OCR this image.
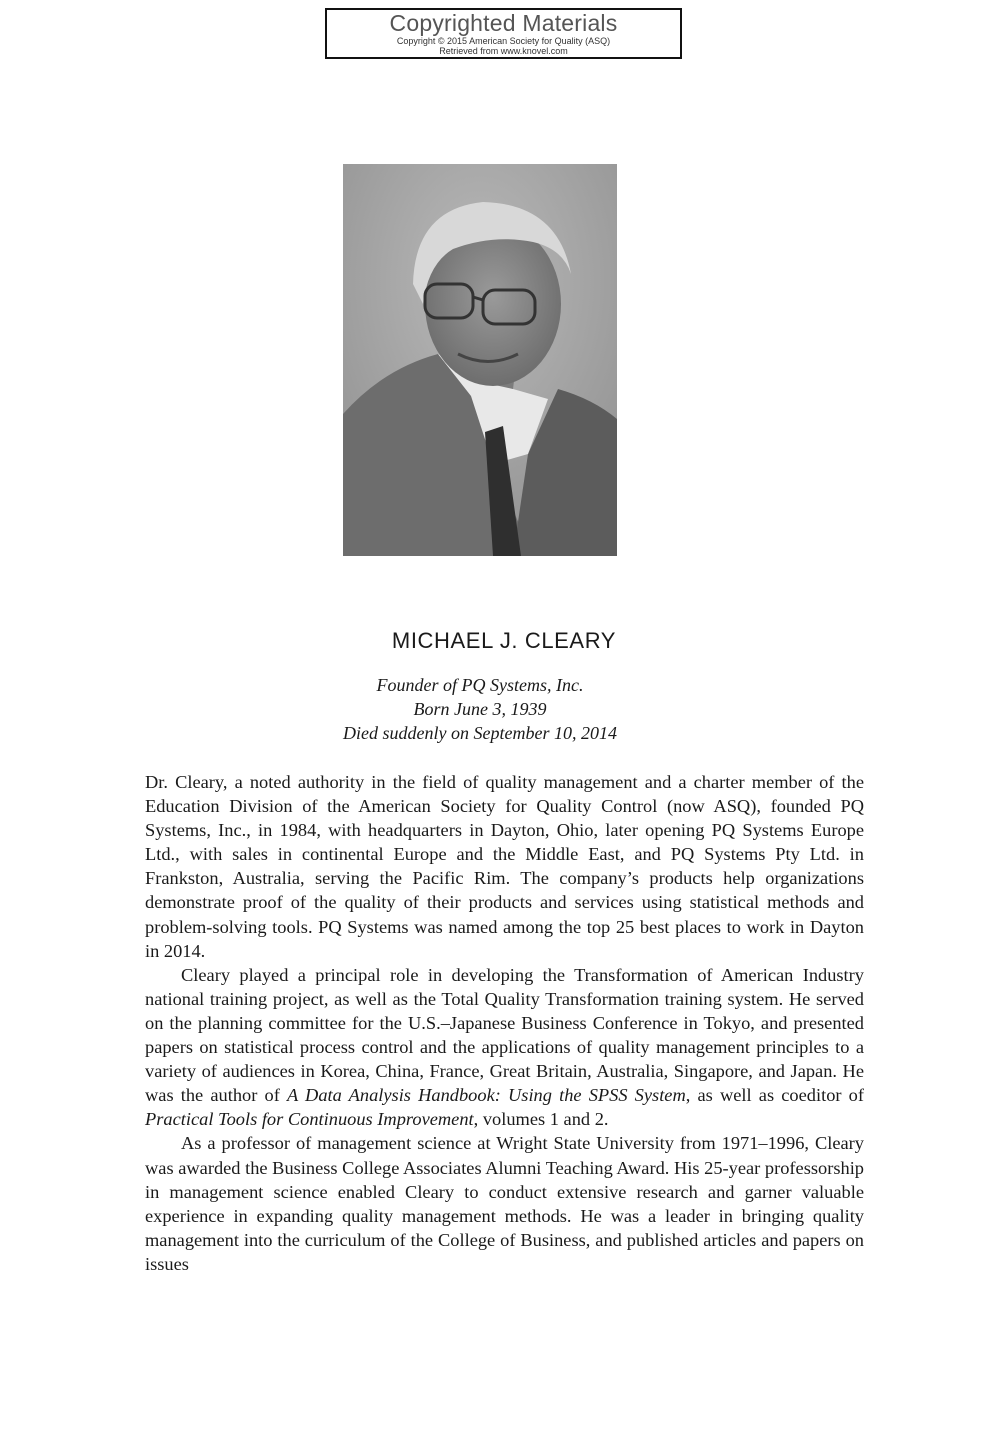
Copyrighted Materials
Copyright © 2015 American Society for Quality (ASQ)
Retrieved from www.knovel.com
MICHAEL J. CLEARY
Founder of PQ Systems, Inc.
Born June 3, 1939
Died suddenly on September 10, 2014

Dr. Cleary, a noted authority in the field of quality management and a charter member of the Education Division of the American Society for Quality Control (now ASQ), founded PQ Systems, Inc., in 1984, with headquarters in Dayton, Ohio, later opening PQ Systems Europe Ltd., with sales in continental Europe and the Middle East, and PQ Systems Pty Ltd. in Frankston, Australia, serving the Pacific Rim. The company’s products help organizations demonstrate proof of the quality of their products and services using statistical methods and problem-solving tools. PQ Systems was named among the top 25 best places to work in Dayton in 2014.

Cleary played a principal role in developing the Transformation of American Industry national training project, as well as the Total Quality Transformation training system. He served on the planning committee for the U.S.–Japanese Business Conference in Tokyo, and presented papers on statistical process control and the applications of quality management principles to a variety of audiences in Korea, China, France, Great Britain, Australia, Singapore, and Japan. He was the author of A Data Analysis Handbook: Using the SPSS System, as well as coeditor of Practical Tools for Continuous Improvement, volumes 1 and 2.

As a professor of management science at Wright State University from 1971–1996, Cleary was awarded the Business College Associates Alumni Teaching Award. His 25-year professorship in management science enabled Cleary to conduct extensive research and garner valuable experience in expanding quality management methods. He was a leader in bringing quality management into the curriculum of the College of Business, and published articles and papers on issues
